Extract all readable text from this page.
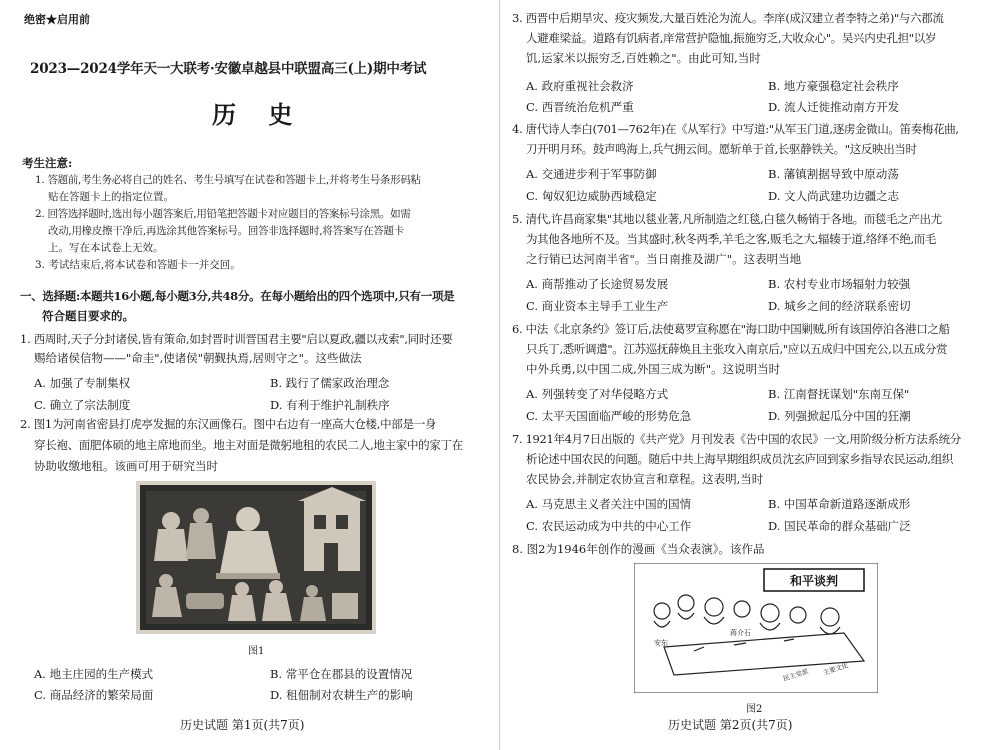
绝密★启用前
2023—2024学年天一大联考·安徽卓越县中联盟高三(上)期中考试
历 史
考生注意:
1. 答题前,考生务必将自己的姓名、考生号填写在试卷和答题卡上,并将考生号条形码粘
贴在答题卡上的指定位置。
2. 回答选择题时,选出每小题答案后,用铅笔把答题卡对应题目的答案标号涂黑。如需
改动,用橡皮擦干净后,再选涂其他答案标号。回答非选择题时,将答案写在答题卡
上。写在本试卷上无效。
3. 考试结束后,将本试卷和答题卡一并交回。
一、选择题:本题共16小题,每小题3分,共48分。在每小题给出的四个选项中,只有一项是
符合题目要求的。
1. 西周时,天子分封诸侯,皆有策命,如封晋时训晋国君主要"启以夏政,疆以戎索",同时还要
赐给诸侯信物——"命圭",使诸侯"朝觐执焉,居则守之"。这些做法
A. 加强了专制集权	B. 践行了儒家政治理念
C. 确立了宗法制度	D. 有利于维护礼制秩序
2. 图1为河南省密县打虎亭发掘的东汉画像石。图中右边有一座高大仓楼,中部是一身
穿长袍、面肥体硕的地主席地而坐。地主对面是微躬地租的农民二人,地主家中的家丁在
协助收缴地租。该画可用于研究当时
图1
A. 地主庄园的生产模式	B. 常平仓在郡县的设置情况
C. 商品经济的繁荣局面	D. 租佃制对农耕生产的影响
历史试题 第1页(共7页)
3. 西晋中后期旱灾、疫灾频发,大量百姓沦为流人。李庠(成汉建立者李特之弟)"与六郡流
人避难梁益。道路有饥病者,庠常营护隐恤,振施穷乏,大收众心"。吴兴内史孔担"以岁
饥,运家米以振穷乏,百姓赖之"。由此可知,当时
A. 政府重视社会救济	B. 地方豪强稳定社会秩序
C. 西晋统治危机严重	D. 流人迁徙推动南方开发
4. 唐代诗人李白(701—762年)在《从军行》中写道:"从军玉门道,逐虏金微山。笛奏梅花曲,
刀开明月环。鼓声鸣海上,兵气拥云间。愿斩单于首,长驱静铁关。"这反映出当时
A. 交通进步利于军事防御	B. 藩镇割据导致中原动荡
C. 匈奴犯边威胁西域稳定	D. 文人尚武建功边疆之志
5. 清代,许昌商家集"其地以毯业著,凡所制造之红毯,白毯久畅销于各地。而毯毛之产出尤
为其他各地所不及。当其盛时,秋冬两季,羊毛之客,贩毛之大,辐辏于道,络绎不绝,而毛
之行销已达河南半省"。当日南推及湖广"。这表明当地
A. 商帮推动了长途贸易发展	B. 农村专业市场辐射力较强
C. 商业资本主导手工业生产	D. 城乡之间的经济联系密切
6. 中法《北京条约》签订后,法使葛罗宣称愿在"海口助中国剿贼,所有该国停泊各港口之船
只兵丁,悉听调遣"。江苏巡抚薛焕且主张攻入南京后,"应以五成归中国充公,以五成分赏
中外兵勇,以中国二成,外国三成为断"。这说明当时
A. 列强转变了对华侵略方式	B. 江南督抚谋划"东南互保"
C. 太平天国面临严峻的形势危急	D. 列强掀起瓜分中国的狂潮
7. 1921年4月7日出版的《共产党》月刊发表《告中国的农民》一文,用阶级分析方法系统分
析论述中国农民的问题。随后中共上海早期组织成员沈玄庐回到家乡指导农民运动,组织
农民协会,并制定农协宣言和章程。这表明,当时
A. 马克思主义者关注中国的国情	B. 中国革命新道路逐渐成形
C. 农民运动成为中共的中心工作	D. 国民革命的群众基础广泛
8. 图2为1946年创作的漫画《当众表演》。该作品
和平谈判
安东
蒋介石
民主党派 主要文化
图2
历史试题 第2页(共7页)
